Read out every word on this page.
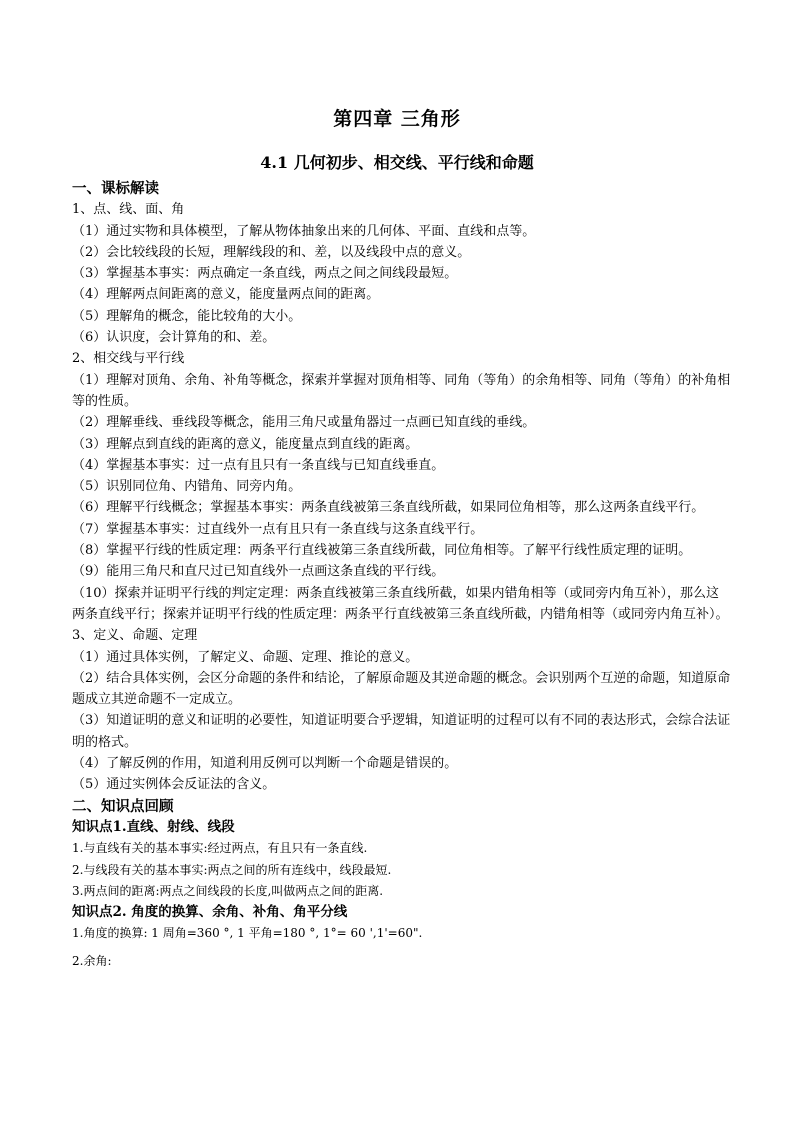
第四章 三角形
4.1 几何初步、相交线、平行线和命题

一、课标解读

1、点、线、面、角

（1）通过实物和具体模型，了解从物体抽象出来的几何体、平面、直线和点等。

（2）会比较线段的长短，理解线段的和、差，以及线段中点的意义。

（3）掌握基本事实：两点确定一条直线，两点之间之间线段最短。

（4）理解两点间距离的意义，能度量两点间的距离。

（5）理解角的概念，能比较角的大小。

（6）认识度，会计算角的和、差。

2、相交线与平行线

（1）理解对顶角、余角、补角等概念，探索并掌握对顶角相等、同角（等角）的余角相等、同角（等角）的补角相等的性质。

（2）理解垂线、垂线段等概念，能用三角尺或量角器过一点画已知直线的垂线。

（3）理解点到直线的距离的意义，能度量点到直线的距离。

（4）掌握基本事实：过一点有且只有一条直线与已知直线垂直。

（5）识别同位角、内错角、同旁内角。

（6）理解平行线概念；掌握基本事实：两条直线被第三条直线所截，如果同位角相等，那么这两条直线平行。

（7）掌握基本事实：过直线外一点有且只有一条直线与这条直线平行。

（8）掌握平行线的性质定理：两条平行直线被第三条直线所截，同位角相等。了解平行线性质定理的证明。

（9）能用三角尺和直尺过已知直线外一点画这条直线的平行线。

（10）探索并证明平行线的判定定理：两条直线被第三条直线所截，如果内错角相等（或同旁内角互补），那么这两条直线平行；探索并证明平行线的性质定理：两条平行直线被第三条直线所截，内错角相等（或同旁内角互补）。

3、定义、命题、定理

（1）通过具体实例，了解定义、命题、定理、推论的意义。

（2）结合具体实例，会区分命题的条件和结论，了解原命题及其逆命题的概念。会识别两个互逆的命题，知道原命题成立其逆命题不一定成立。

（3）知道证明的意义和证明的必要性，知道证明要合乎逻辑，知道证明的过程可以有不同的表达形式，会综合法证明的格式。

（4）了解反例的作用，知道利用反例可以判断一个命题是错误的。

（5）通过实例体会反证法的含义。

二、知识点回顾

知识点1.直线、射线、线段

1.与直线有关的基本事实:经过两点，有且只有一条直线.

2.与线段有关的基本事实:两点之间的所有连线中，线段最短.

3.两点间的距离:两点之间线段的长度,叫做两点之间的距离.

知识点2. 角度的换算、余角、补角、角平分线

1.角度的换算: 1 周角=360 °, 1 平角=180 °, 1°= 60 ',1'=60".

2.余角:
